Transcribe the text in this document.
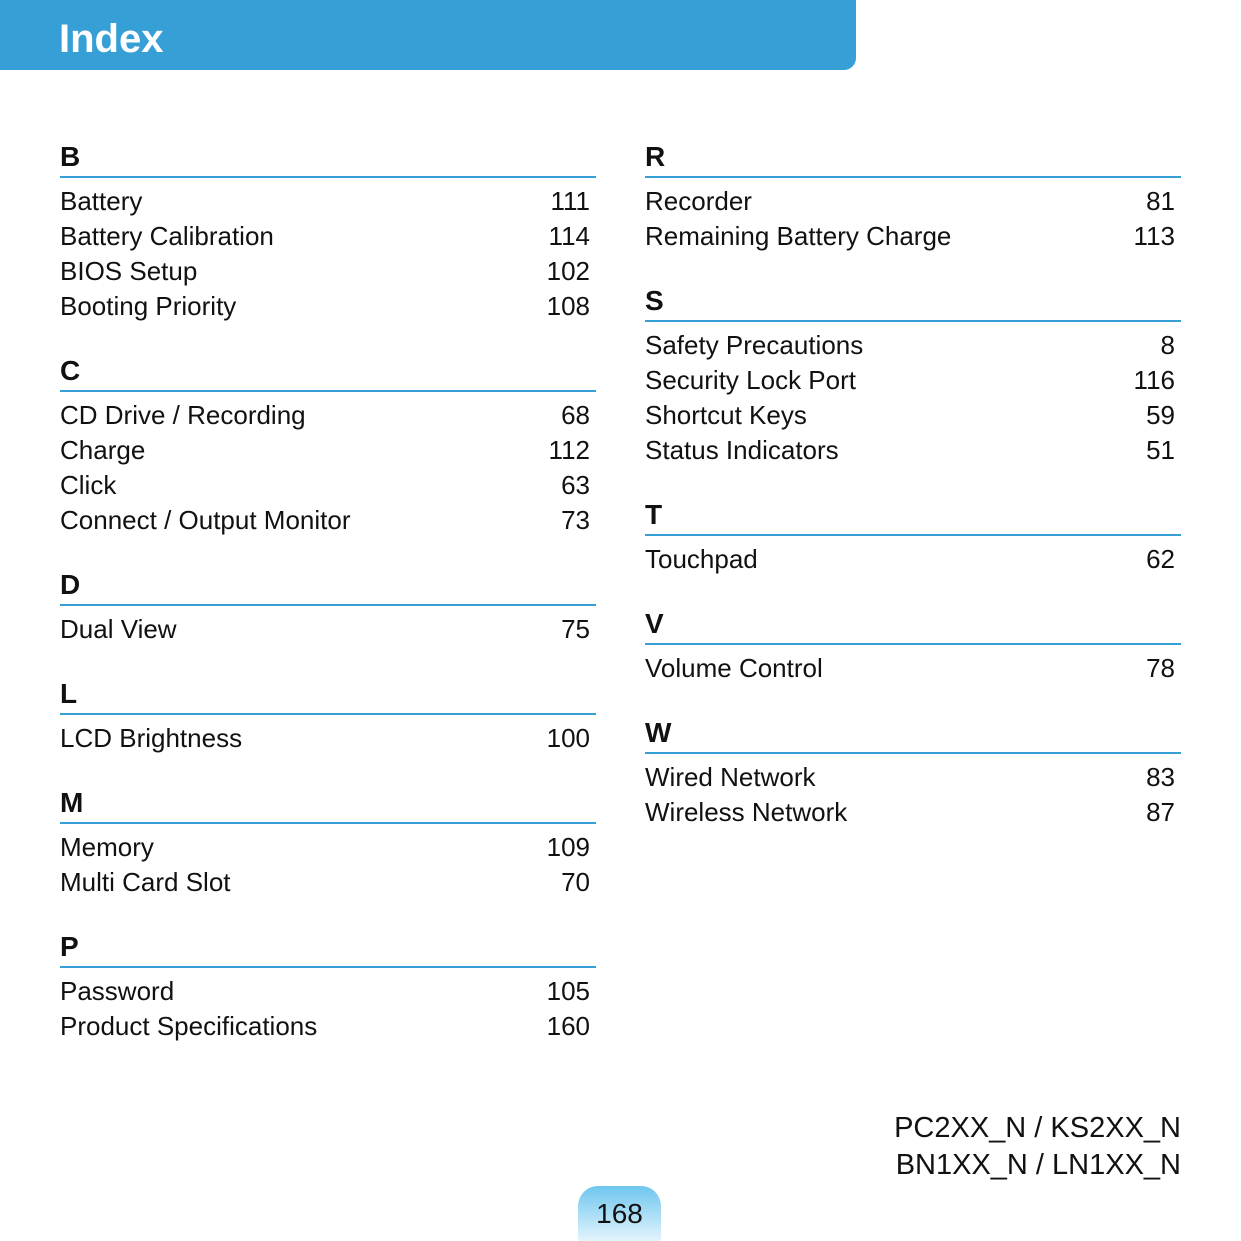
Index
B
Battery	111
Battery Calibration	114
BIOS Setup	102
Booting Priority	108
C
CD Drive / Recording	68
Charge	112
Click	63
Connect / Output Monitor	73
D
Dual View	75
L
LCD Brightness	100
M
Memory	109
Multi Card Slot	70
P
Password	105
Product Specifications	160
R
Recorder	81
Remaining Battery Charge	113
S
Safety Precautions	8
Security Lock Port	116
Shortcut Keys	59
Status Indicators	51
T
Touchpad	62
V
Volume Control	78
W
Wired Network	83
Wireless Network	87
PC2XX_N / KS2XX_N
BN1XX_N / LN1XX_N
168
